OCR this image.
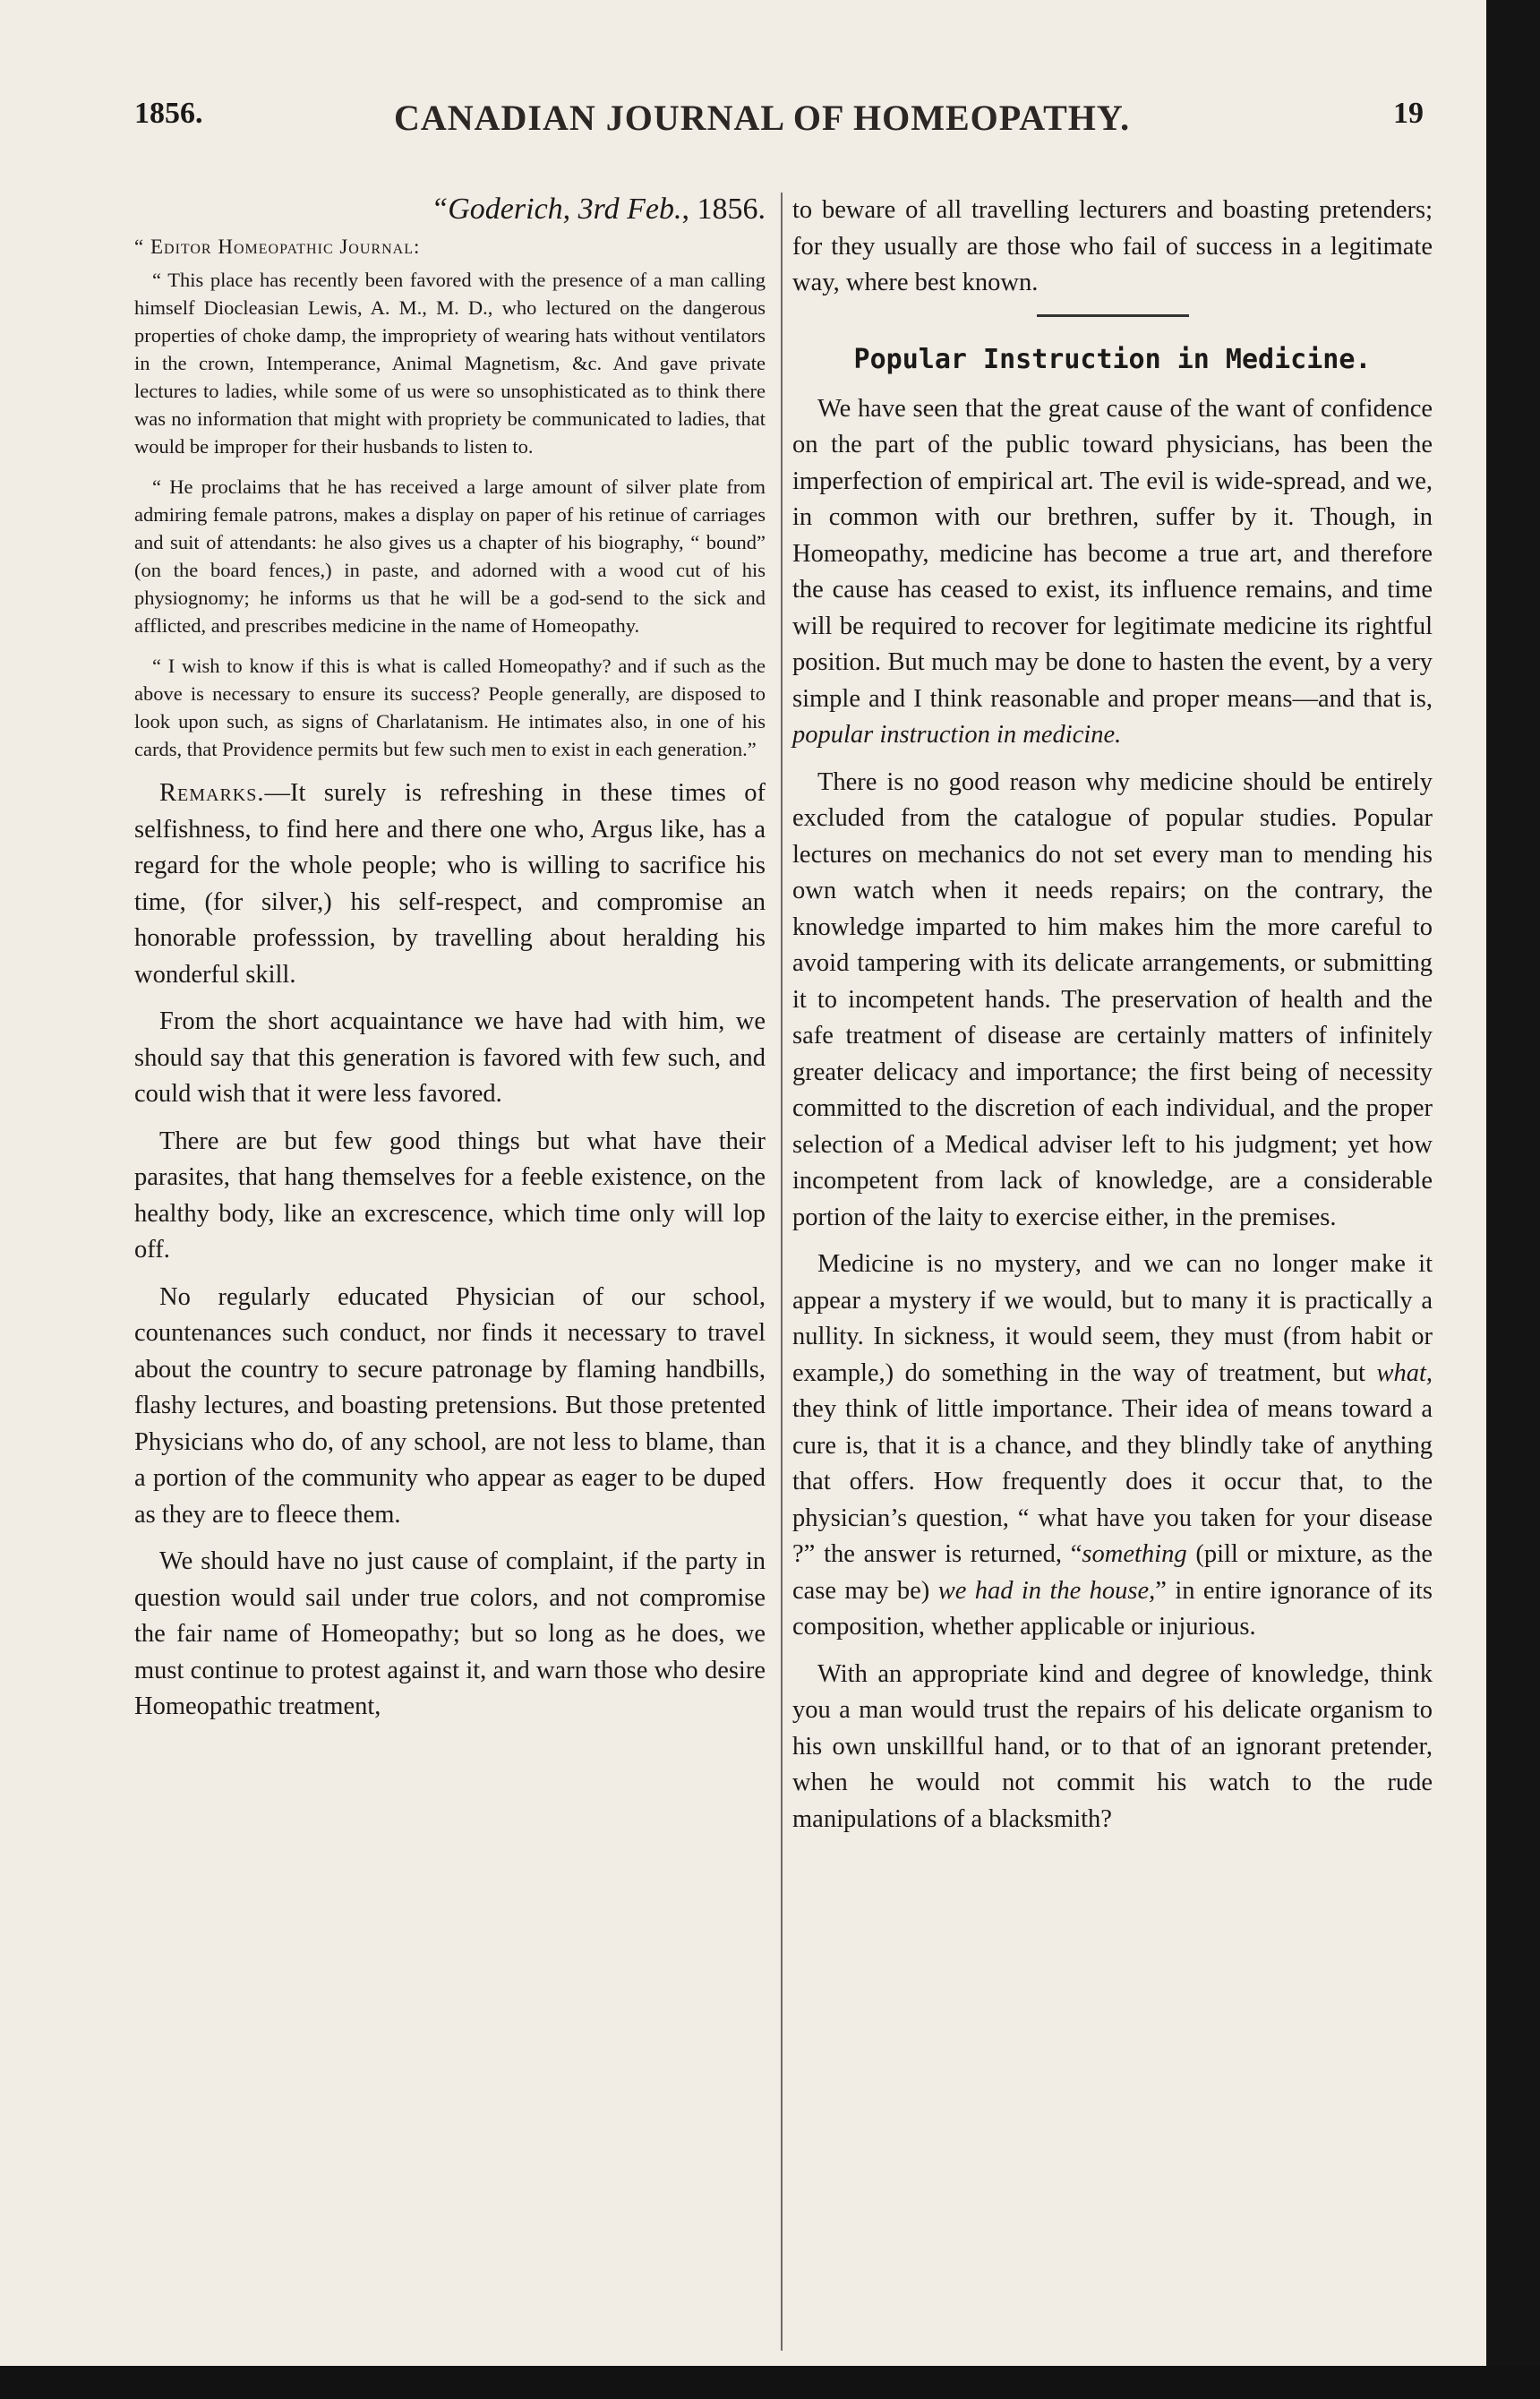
1856.	CANADIAN JOURNAL OF HOMEOPATHY.	19

“Goderich, 3rd Feb., 1856.

“ Editor Homeopathic Journal:

“ This place has recently been favored with the presence of a man calling himself Diocleasian Lewis, A. M., M. D., who lectured on the dangerous properties of choke damp, the impropriety of wearing hats without ventilators in the crown, Intemperance, Animal Magnetism, &c. And gave private lectures to ladies, while some of us were so unsophisticated as to think there was no information that might with propriety be communicated to ladies, that would be improper for their husbands to listen to.

“ He proclaims that he has received a large amount of silver plate from admiring female patrons, makes a display on paper of his retinue of carriages and suit of attendants: he also gives us a chapter of his biography, “ bound” (on the board fences,) in paste, and adorned with a wood cut of his physiognomy; he informs us that he will be a god-send to the sick and afflicted, and prescribes medicine in the name of Homeopathy.

“ I wish to know if this is what is called Homeopathy? and if such as the above is necessary to ensure its success? People generally, are disposed to look upon such, as signs of Charlatanism. He intimates also, in one of his cards, that Providence permits but few such men to exist in each generation.”

Remarks.—It surely is refreshing in these times of selfishness, to find here and there one who, Argus like, has a regard for the whole people; who is willing to sacrifice his time, (for silver,) his self-respect, and compromise an honorable professsion, by travelling about heralding his wonderful skill.

From the short acquaintance we have had with him, we should say that this generation is favored with few such, and could wish that it were less favored.

There are but few good things but what have their parasites, that hang themselves for a feeble existence, on the healthy body, like an excrescence, which time only will lop off.

No regularly educated Physician of our school, countenances such conduct, nor finds it necessary to travel about the country to secure patronage by flaming handbills, flashy lectures, and boasting pretensions. But those pretented Physicians who do, of any school, are not less to blame, than a portion of the community who appear as eager to be duped as they are to fleece them.

We should have no just cause of complaint, if the party in question would sail under true colors, and not compromise the fair name of Homeopathy; but so long as he does, we must continue to protest against it, and warn those who desire Homeopathic treatment,

to beware of all travelling lecturers and boasting pretenders; for they usually are those who fail of success in a legitimate way, where best known.

Popular Instruction in Medicine.

We have seen that the great cause of the want of confidence on the part of the public toward physicians, has been the imperfection of empirical art. The evil is wide-spread, and we, in common with our brethren, suffer by it. Though, in Homeopathy, medicine has become a true art, and therefore the cause has ceased to exist, its influence remains, and time will be required to recover for legitimate medicine its rightful position. But much may be done to hasten the event, by a very simple and I think reasonable and proper means—and that is, popular instruction in medicine.

There is no good reason why medicine should be entirely excluded from the catalogue of popular studies. Popular lectures on mechanics do not set every man to mending his own watch when it needs repairs; on the contrary, the knowledge imparted to him makes him the more careful to avoid tampering with its delicate arrangements, or submitting it to incompetent hands. The preservation of health and the safe treatment of disease are certainly matters of infinitely greater delicacy and importance; the first being of necessity committed to the discretion of each individual, and the proper selection of a Medical adviser left to his judgment; yet how incompetent from lack of knowledge, are a considerable portion of the laity to exercise either, in the premises.

Medicine is no mystery, and we can no longer make it appear a mystery if we would, but to many it is practically a nullity. In sickness, it would seem, they must (from habit or example,) do something in the way of treatment, but what, they think of little importance. Their idea of means toward a cure is, that it is a chance, and they blindly take of anything that offers. How frequently does it occur that, to the physician’s question, “ what have you taken for your disease ?” the answer is returned, “something (pill or mixture, as the case may be) we had in the house,” in entire ignorance of its composition, whether applicable or injurious.

With an appropriate kind and degree of knowledge, think you a man would trust the repairs of his delicate organism to his own unskillful hand, or to that of an ignorant pretender, when he would not commit his watch to the rude manipulations of a blacksmith?
